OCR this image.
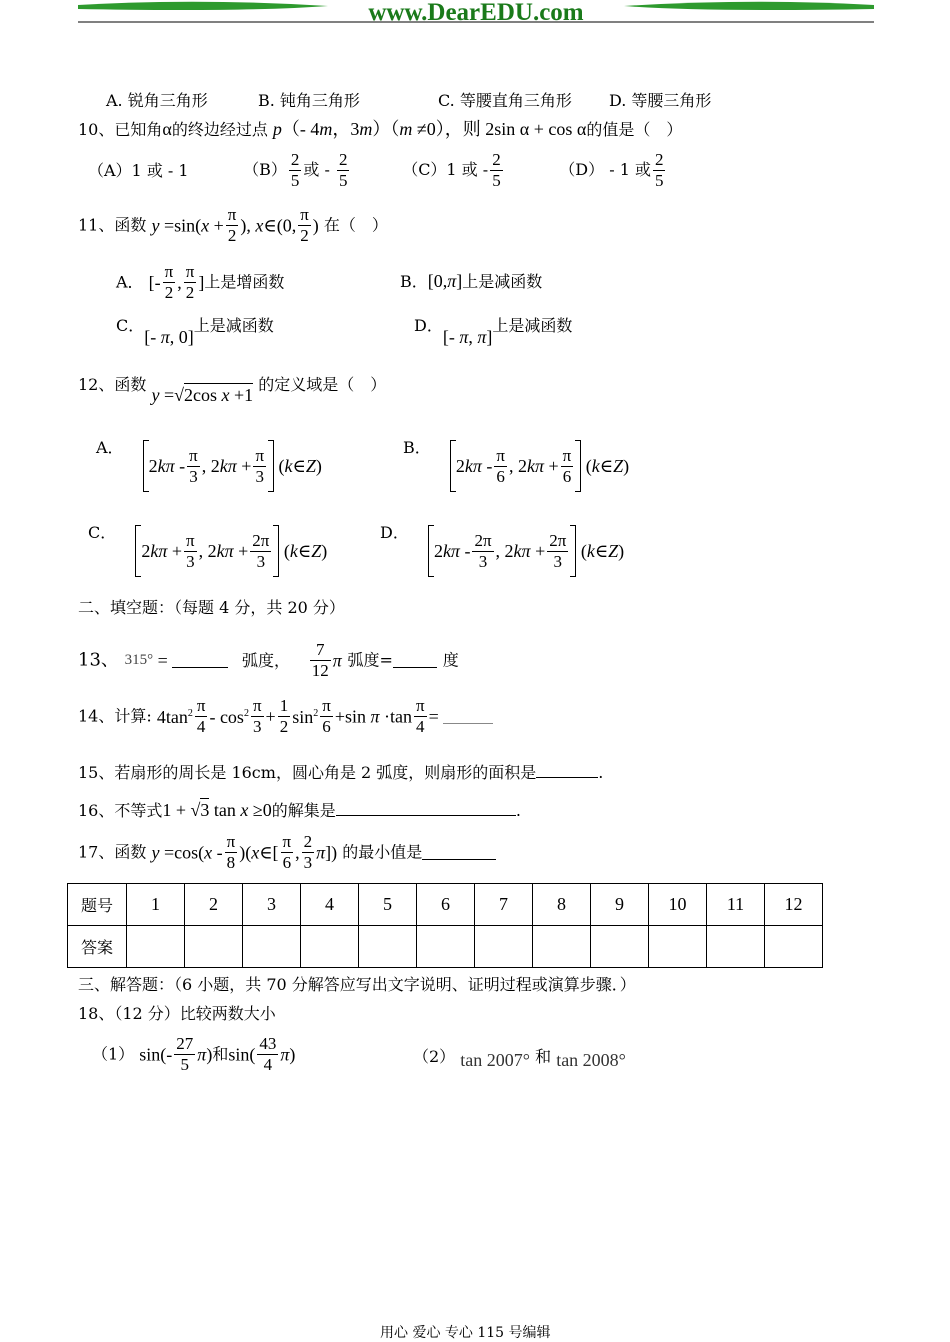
www.DearEDU.com
A. 锐角三角形	B. 钝角三角形	C. 等腰直角三角形 D. 等腰三角形
10、已知角α的终边经过点 p（- 4m，3m）（m ≠0），则 2sin α + cos α的值是（　）
（A）1 或 - 1	$(B) \frac{2}{5}$ 或 - $\frac{2}{5}$	（C）1 或 - $\frac{2}{5}$	（D） - 1 或 $\frac{2}{5}$
11、函数 $y =\sin(x + \frac{\pi}{2}$ ), x∈(0, $\frac{\pi}{2}$ ) 在（　）
A． [- $\frac{\pi}{2}$ , $\frac{\pi}{2}$ ]上是增函数	B．[0,π]上是减函数
C．[- π, 0]上是减函数	D．[- π, π]上是减函数
12、函数 y =√2cos x +1 的定义域是（　）
A． $2k\pi - \frac{\pi}{3}$ , $2k\pi + \frac{\pi}{3}$ (k∈Z)
B． $2k\pi - \frac{\pi}{6}$ , $2k\pi + \frac{\pi}{6}$ (k∈Z)
C． $2k\pi + \frac{\pi}{3}$ , $2k\pi + \frac{2\pi}{3}$ (k∈Z)
D． $2k\pi - \frac{2\pi}{3}$ , $2k\pi + \frac{2\pi}{3}$ (k∈Z)
二、填空题：（每题 4 分，共 20 分）
13、 315° =	弧度， $\frac{7}{12}$ π 弧度=	度
14、计算: $4\tan^2 \frac{\pi}{4} - \cos^2 \frac{\pi}{3} + \frac{1}{2} \sin^2 \frac{\pi}{6} +\sin$ $\pi \cdot\tan \frac{\pi}{4}$ =
15、若扇形的周长是 16cm，圆心角是 2 弧度，则扇形的面积是	.
16、不等式1 + √3 tan x ≥0的解集是	.
17、函数 $y =\cos(x - \frac{\pi}{8}$ )(x∈[ $\frac{\pi}{6}$ , $\frac{2}{3} \pi$]) 的最小值是
题号	1	2	3	4	5	6	7	8	9	10	11	12
答案												
三、解答题：（6 小题，共 70 分解答应写出文字说明、证明过程或演算步骤．）
18、（12 分）比较两数大小
（1） $\sin(- \frac{27}{5} \pi)$和$\sin( \frac{43}{4} \pi)$	（2） tan 2007° 和 tan 2008°
用心 爱心 专心 115 号编辑
